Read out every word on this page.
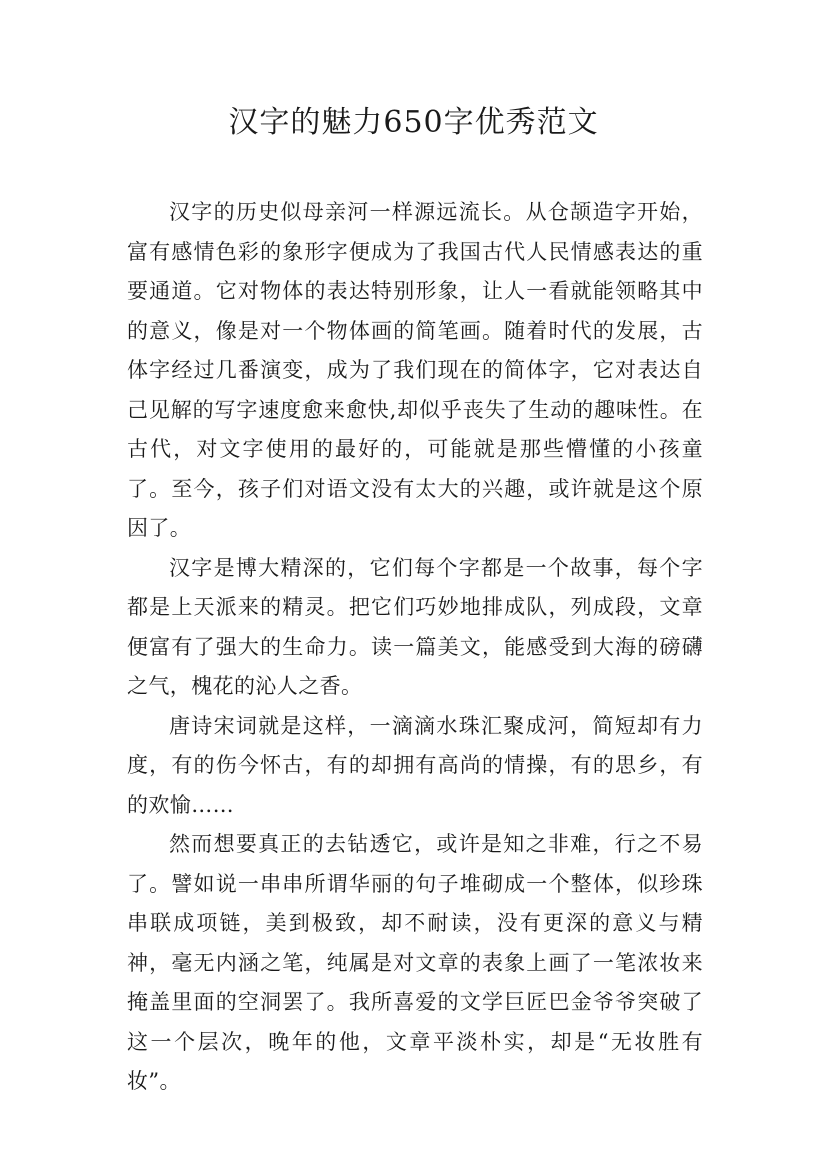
汉字的魅力650字优秀范文

汉字的历史似母亲河一样源远流长。从仓颉造字开始，富有感情色彩的象形字便成为了我国古代人民情感表达的重要通道。它对物体的表达特别形象，让人一看就能领略其中的意义，像是对一个物体画的简笔画。随着时代的发展，古体字经过几番演变，成为了我们现在的简体字，它对表达自己见解的写字速度愈来愈快,却似乎丧失了生动的趣味性。在古代，对文字使用的最好的，可能就是那些懵懂的小孩童了。至今，孩子们对语文没有太大的兴趣，或许就是这个原因了。

汉字是博大精深的，它们每个字都是一个故事，每个字都是上天派来的精灵。把它们巧妙地排成队，列成段，文章便富有了强大的生命力。读一篇美文，能感受到大海的磅礴之气，槐花的沁人之香。

唐诗宋词就是这样，一滴滴水珠汇聚成河，简短却有力度，有的伤今怀古，有的却拥有高尚的情操，有的思乡，有的欢愉……

然而想要真正的去钻透它，或许是知之非难，行之不易了。譬如说一串串所谓华丽的句子堆砌成一个整体，似珍珠串联成项链，美到极致，却不耐读，没有更深的意义与精神，毫无内涵之笔，纯属是对文章的表象上画了一笔浓妆来掩盖里面的空洞罢了。我所喜爱的文学巨匠巴金爷爷突破了这一个层次，晚年的他，文章平淡朴实，却是“无妆胜有妆”。
